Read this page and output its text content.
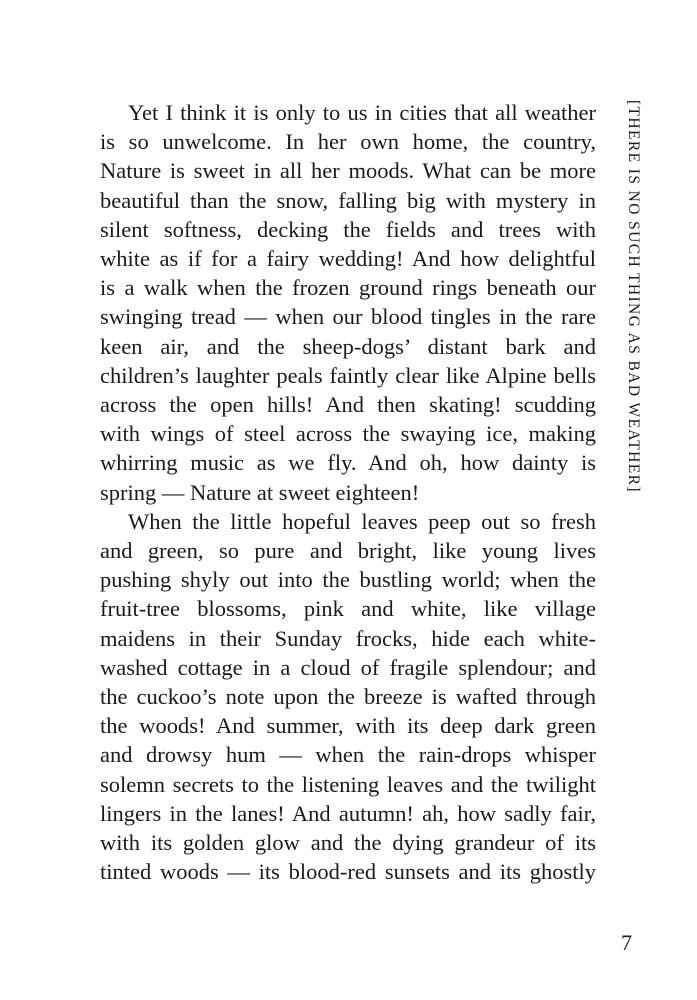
Yet I think it is only to us in cities that all weather
is so unwelcome. In her own home, the country,
Nature is sweet in all her moods. What can be more
beautiful than the snow, falling big with mystery in
silent softness, decking the fields and trees with
white as if for a fairy wedding! And how delightful
is a walk when the frozen ground rings beneath our
swinging tread — when our blood tingles in the rare
keen air, and the sheep-dogs’ distant bark and
children’s laughter peals faintly clear like Alpine bells
across the open hills! And then skating! scudding
with wings of steel across the swaying ice, making
whirring music as we fly. And oh, how dainty is
spring — Nature at sweet eighteen!
When the little hopeful leaves peep out so fresh
and green, so pure and bright, like young lives
pushing shyly out into the bustling world; when the
fruit-tree blossoms, pink and white, like village
maidens in their Sunday frocks, hide each white-
washed cottage in a cloud of fragile splendour; and
the cuckoo’s note upon the breeze is wafted through
the woods! And summer, with its deep dark green
and drowsy hum — when the rain-drops whisper
solemn secrets to the listening leaves and the twilight
lingers in the lanes! And autumn! ah, how sadly fair,
with its golden glow and the dying grandeur of its
tinted woods — its blood-red sunsets and its ghostly
[THERE IS NO SUCH THING AS BAD WEATHER]
7
